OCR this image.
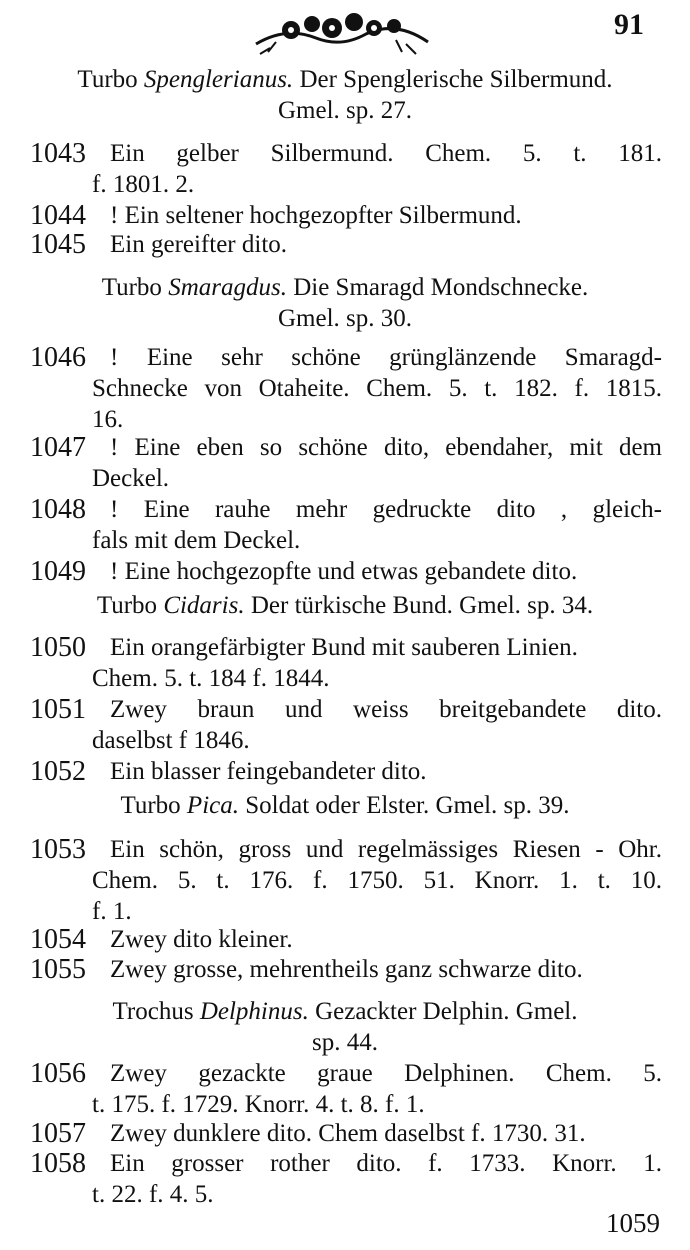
91
Turbo Spenglerianus. Der Spenglerische Silbermund.
Gmel. sp. 27.
1043 Ein gelber Silbermund. Chem. 5. t. 181.
f. 1801. 2.
1044 ! Ein seltener hochgezopfter Silbermund.
1045 Ein gereifter dito.
Turbo Smaragdus. Die Smaragd Mondschnecke.
Gmel. sp. 30.
1046 ! Eine sehr schöne grünglänzende Smaragd-
Schnecke von Otaheite. Chem. 5. t. 182. f. 1815.
16.
1047 ! Eine eben so schöne dito, ebendaher, mit dem
Deckel.
1048 ! Eine rauhe mehr gedruckte dito , gleich-
fals mit dem Deckel.
1049 ! Eine hochgezopfte und etwas gebandete dito.
Turbo Cidaris. Der türkische Bund. Gmel. sp. 34.
1050 Ein orangefärbigter Bund mit sauberen Linien.
Chem. 5. t. 184 f. 1844.
1051 Zwey braun und weiss breitgebandete dito.
daselbst f 1846.
1052 Ein blasser feingebandeter dito.
Turbo Pica. Soldat oder Elster. Gmel. sp. 39.
1053 Ein schön, gross und regelmässiges Riesen - Ohr.
Chem. 5. t. 176. f. 1750. 51. Knorr. 1. t. 10.
f. 1.
1054 Zwey dito kleiner.
1055 Zwey grosse, mehrentheils ganz schwarze dito.
Trochus Delphinus. Gezackter Delphin. Gmel.
sp. 44.
1056 Zwey gezackte graue Delphinen. Chem. 5.
t. 175. f. 1729. Knorr. 4. t. 8. f. 1.
1057 Zwey dunklere dito. Chem daselbst f. 1730. 31.
1058 Ein grosser rother dito. f. 1733. Knorr. 1.
t. 22. f. 4. 5.
1059
